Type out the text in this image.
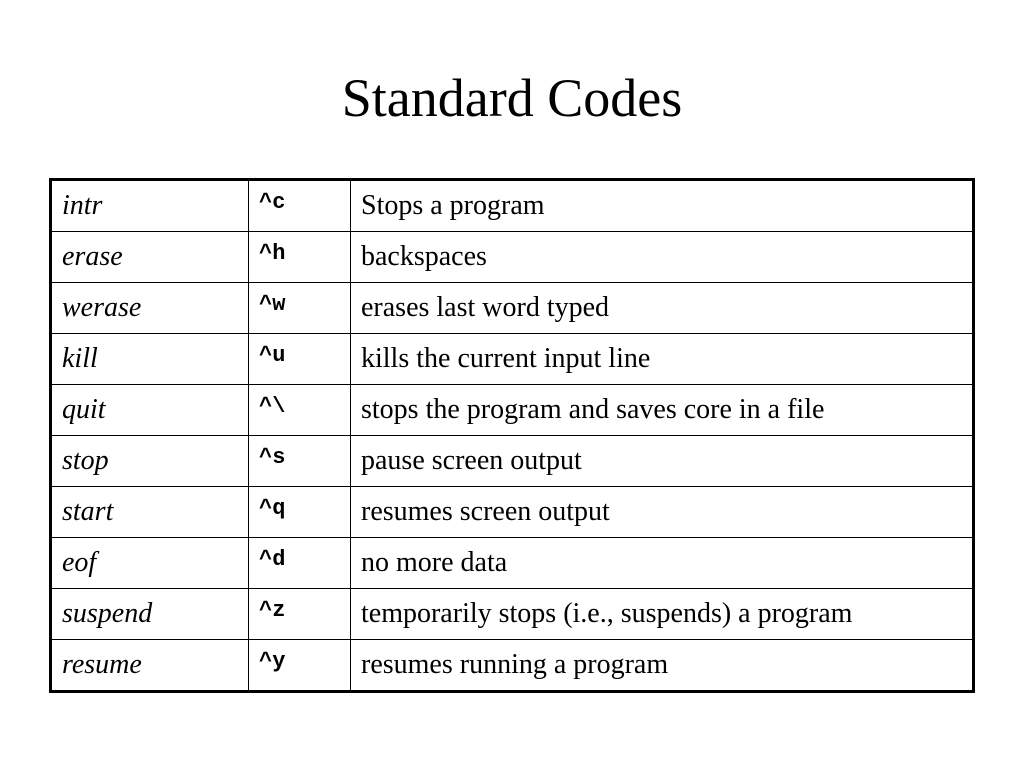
Standard Codes
intr	^c	Stops a program
erase	^h	backspaces
werase	^w	erases last word typed
kill	^u	kills the current input line
quit	^\	stops the program and saves core in a file
stop	^s	pause screen output
start	^q	resumes screen output
eof	^d	no more data
suspend	^z	temporarily stops (i.e., suspends) a program
resume	^y	resumes running a program
